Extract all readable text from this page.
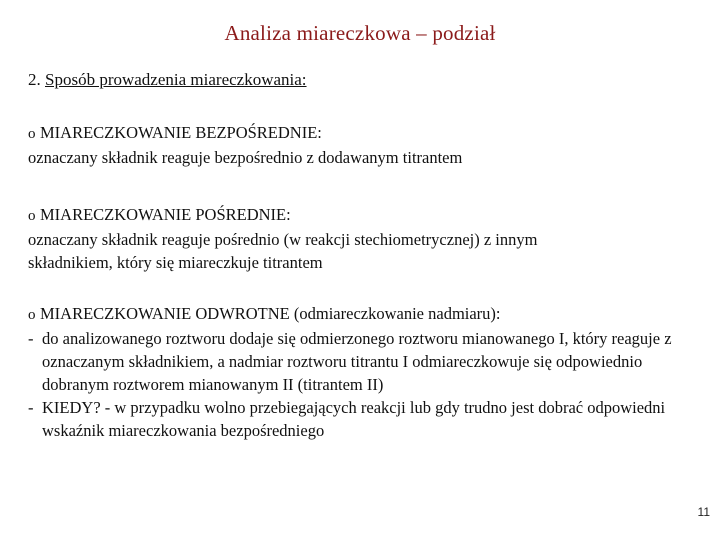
Analiza miareczkowa – podział
2. Sposób prowadzenia miareczkowania:
o MIARECZKOWANIE BEZPOŚREDNIE:
oznaczany składnik reaguje bezpośrednio z dodawanym titrantem
o MIARECZKOWANIE POŚREDNIE:
oznaczany składnik reaguje pośrednio (w reakcji stechiometrycznej) z innym
składnikiem, który się miareczkuje titrantem
o MIARECZKOWANIE ODWROTNE (odmiareczkowanie nadmiaru):
- do analizowanego roztworu dodaje się odmierzonego roztworu mianowanego I, który reaguje z oznaczanym składnikiem, a nadmiar roztworu titrantu I odmiareczkowuje się odpowiednio dobranym roztworem mianowanym II (titrantem II)
- KIEDY? - w przypadku wolno przebiegających reakcji lub gdy trudno jest dobrać odpowiedni wskaźnik miareczkowania bezpośredniego
11
